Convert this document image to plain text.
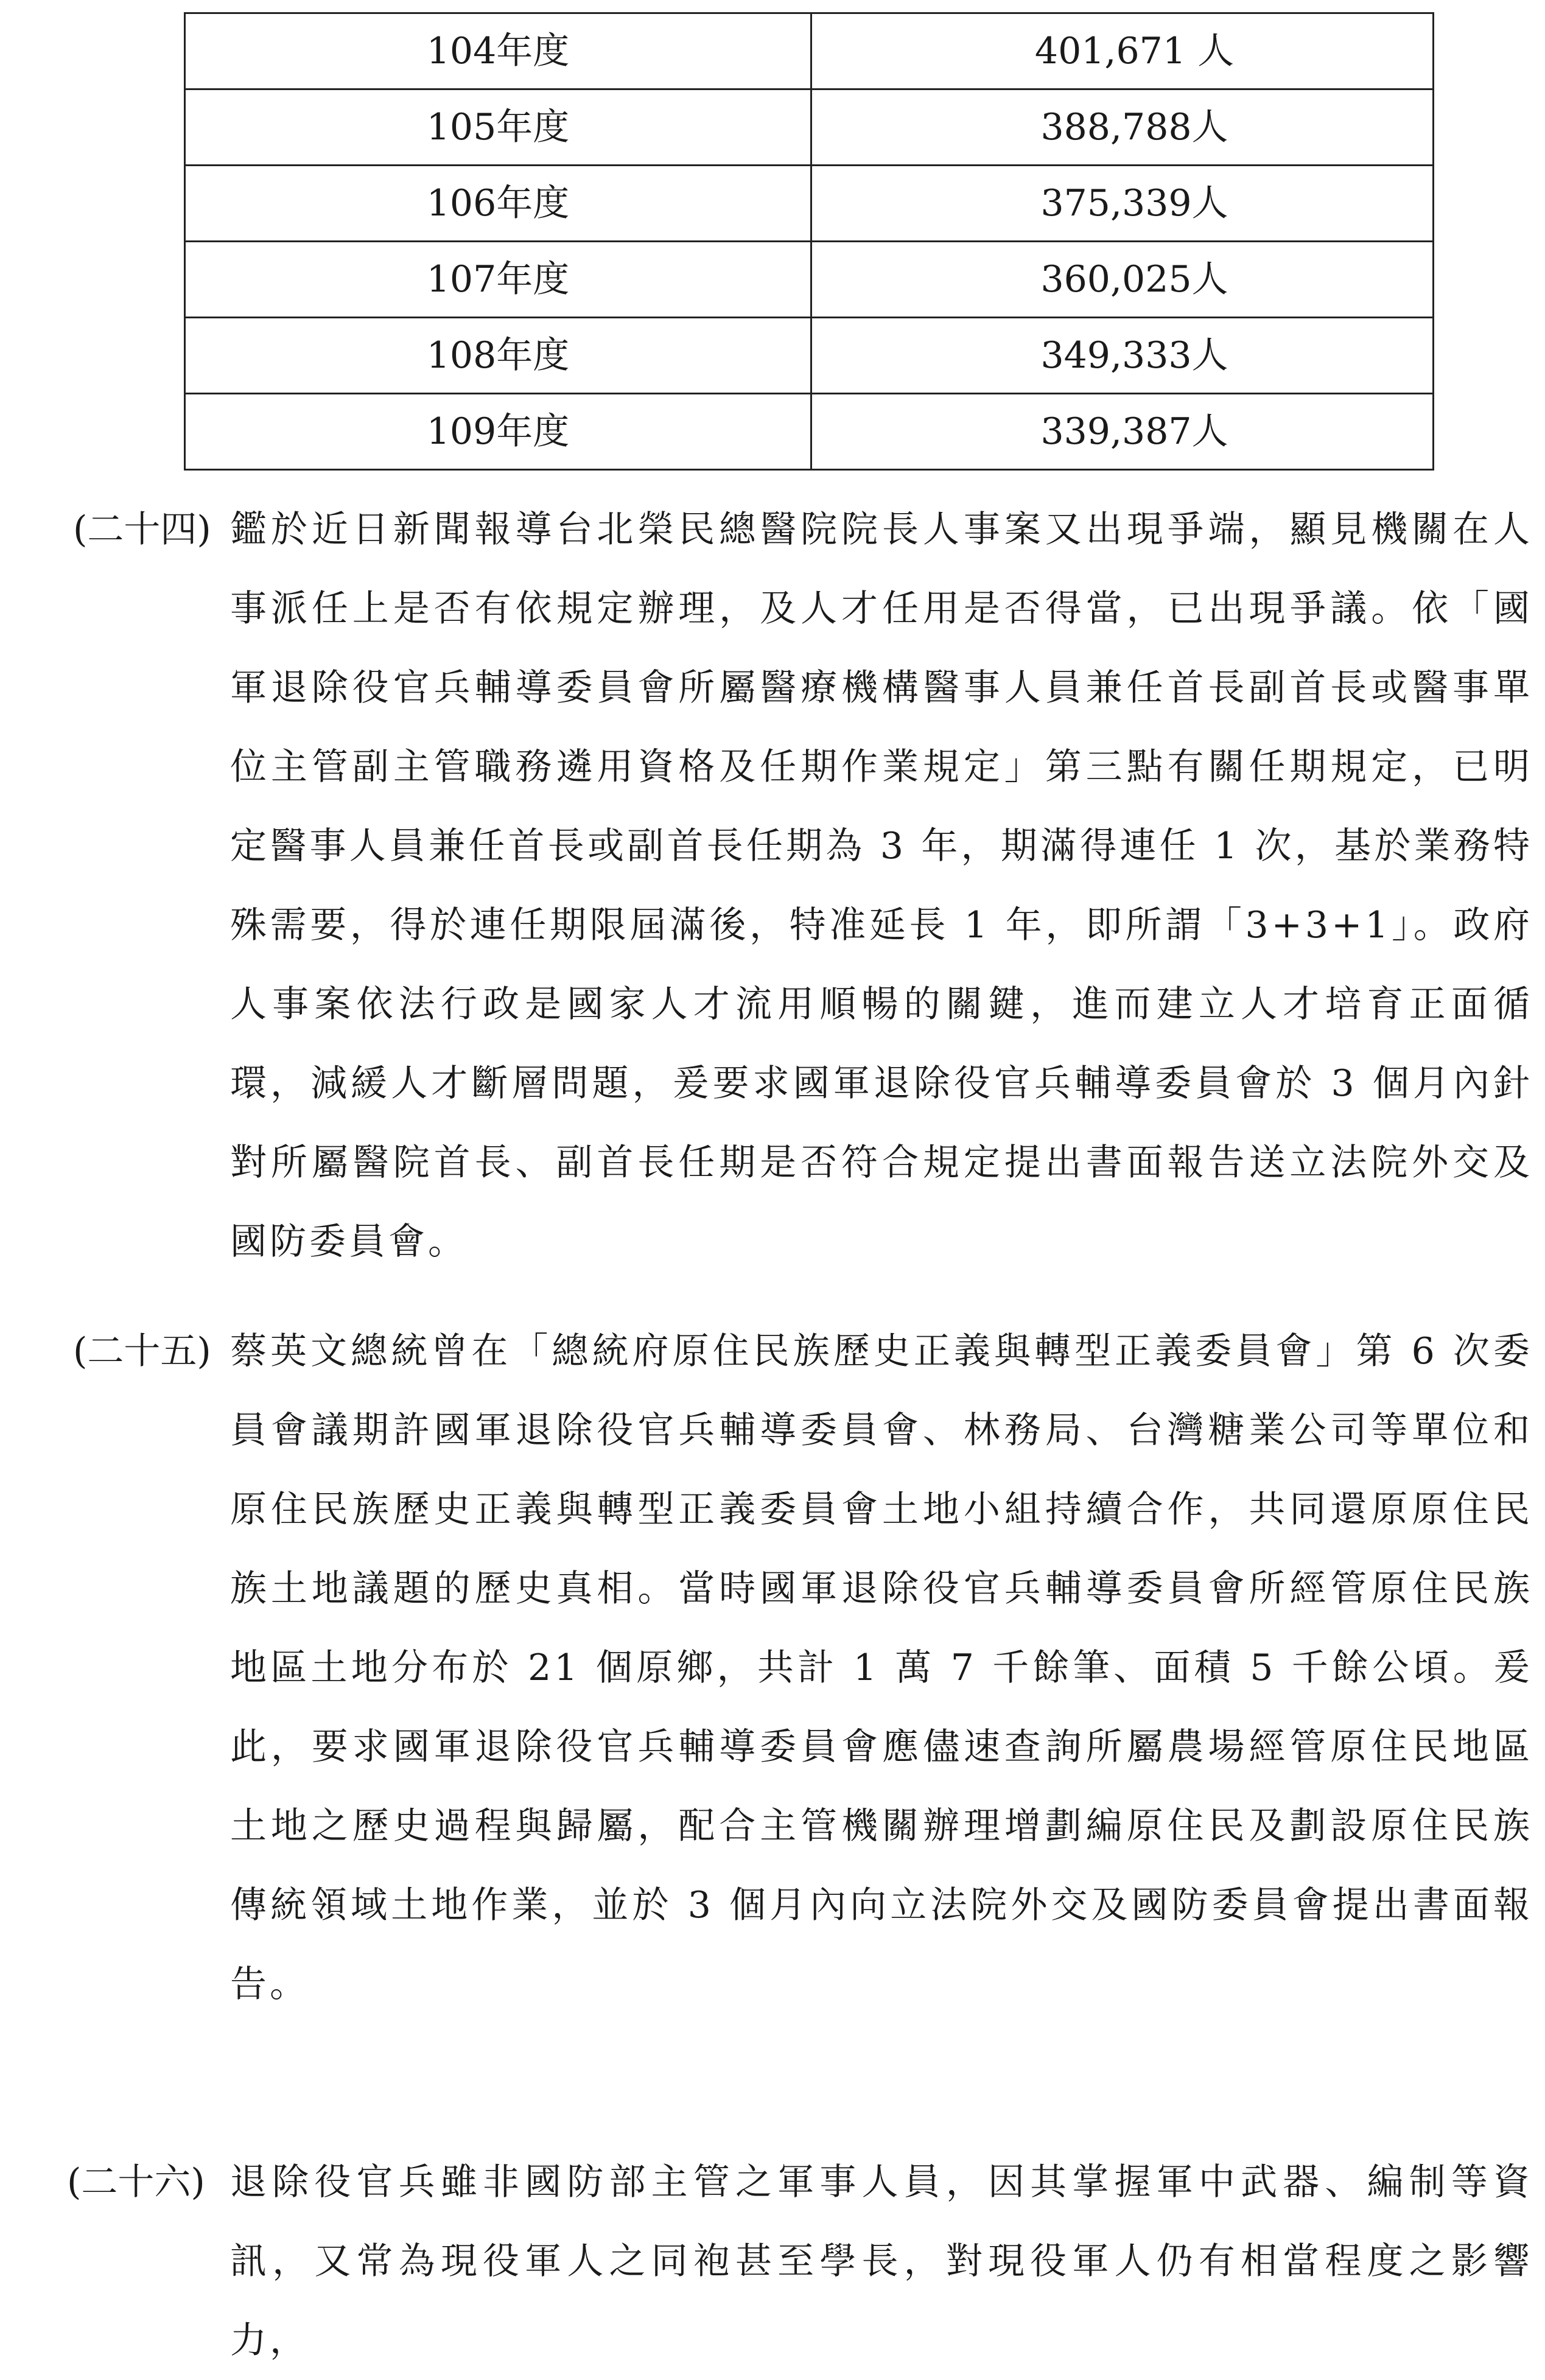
104年度	401,671 人
105年度	388,788人
106年度	375,339人
107年度	360,025人
108年度	349,333人
109年度	339,387人
(二十四) 鑑於近日新聞報導台北榮民總醫院院長人事案又出現爭端，顯見機關在人事派任上是否有依規定辦理，及人才任用是否得當，已出現爭議。依「國軍退除役官兵輔導委員會所屬醫療機構醫事人員兼任首長副首長或醫事單位主管副主管職務遴用資格及任期作業規定」第三點有關任期規定，已明定醫事人員兼任首長或副首長任期為 3 年，期滿得連任 1 次，基於業務特殊需要，得於連任期限屆滿後，特准延長 1 年，即所謂「3+3+1」。政府人事案依法行政是國家人才流用順暢的關鍵，進而建立人才培育正面循環，減緩人才斷層問題，爰要求國軍退除役官兵輔導委員會於 3 個月內針對所屬醫院首長、副首長任期是否符合規定提出書面報告送立法院外交及國防委員會。
(二十五) 蔡英文總統曾在「總統府原住民族歷史正義與轉型正義委員會」第 6 次委員會議期許國軍退除役官兵輔導委員會、林務局、台灣糖業公司等單位和原住民族歷史正義與轉型正義委員會土地小組持續合作，共同還原原住民族土地議題的歷史真相。當時國軍退除役官兵輔導委員會所經管原住民族地區土地分布於 21 個原鄉，共計 1 萬 7 千餘筆、面積 5 千餘公頃。爰此，要求國軍退除役官兵輔導委員會應儘速查詢所屬農場經管原住民地區土地之歷史過程與歸屬，配合主管機關辦理增劃編原住民及劃設原住民族傳統領域土地作業，並於 3 個月內向立法院外交及國防委員會提出書面報告。
(二十六) 退除役官兵雖非國防部主管之軍事人員，因其掌握軍中武器、編制等資訊，又常為現役軍人之同袍甚至學長，對現役軍人仍有相當程度之影響力，
